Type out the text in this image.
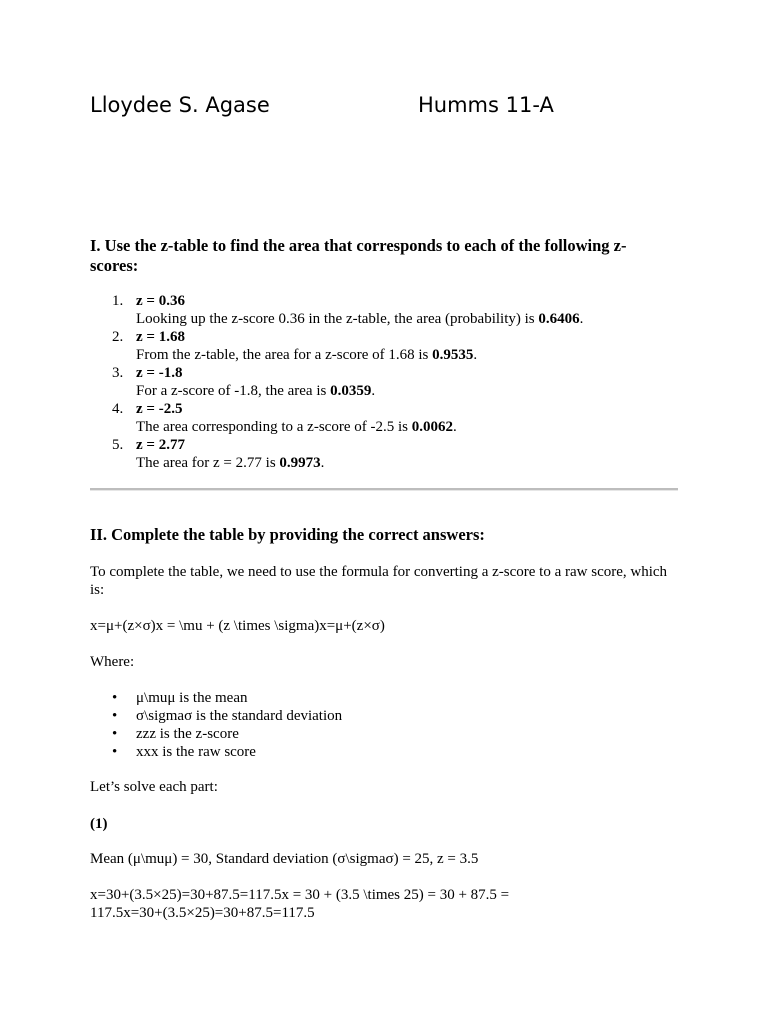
Lloydee S. Agase	Humms 11-A
I. Use the z-table to find the area that corresponds to each of the following z-scores:
1. z = 0.36
Looking up the z-score 0.36 in the z-table, the area (probability) is 0.6406.
2. z = 1.68
From the z-table, the area for a z-score of 1.68 is 0.9535.
3. z = -1.8
For a z-score of -1.8, the area is 0.0359.
4. z = -2.5
The area corresponding to a z-score of -2.5 is 0.0062.
5. z = 2.77
The area for z = 2.77 is 0.9973.
II. Complete the table by providing the correct answers:
To complete the table, we need to use the formula for converting a z-score to a raw score, which is:
x=μ+(z×σ)x = \mu + (z \times \sigma)x=μ+(z×σ)
Where:
• μ\muμ is the mean
• σ\sigmaσ is the standard deviation
• zzz is the z-score
• xxx is the raw score
Let’s solve each part:
(1)
Mean (μ\muμ) = 30, Standard deviation (σ\sigmaσ) = 25, z = 3.5
x=30+(3.5×25)=30+87.5=117.5x = 30 + (3.5 \times 25) = 30 + 87.5 = 117.5x=30+(3.5×25)=30+87.5=117.5
